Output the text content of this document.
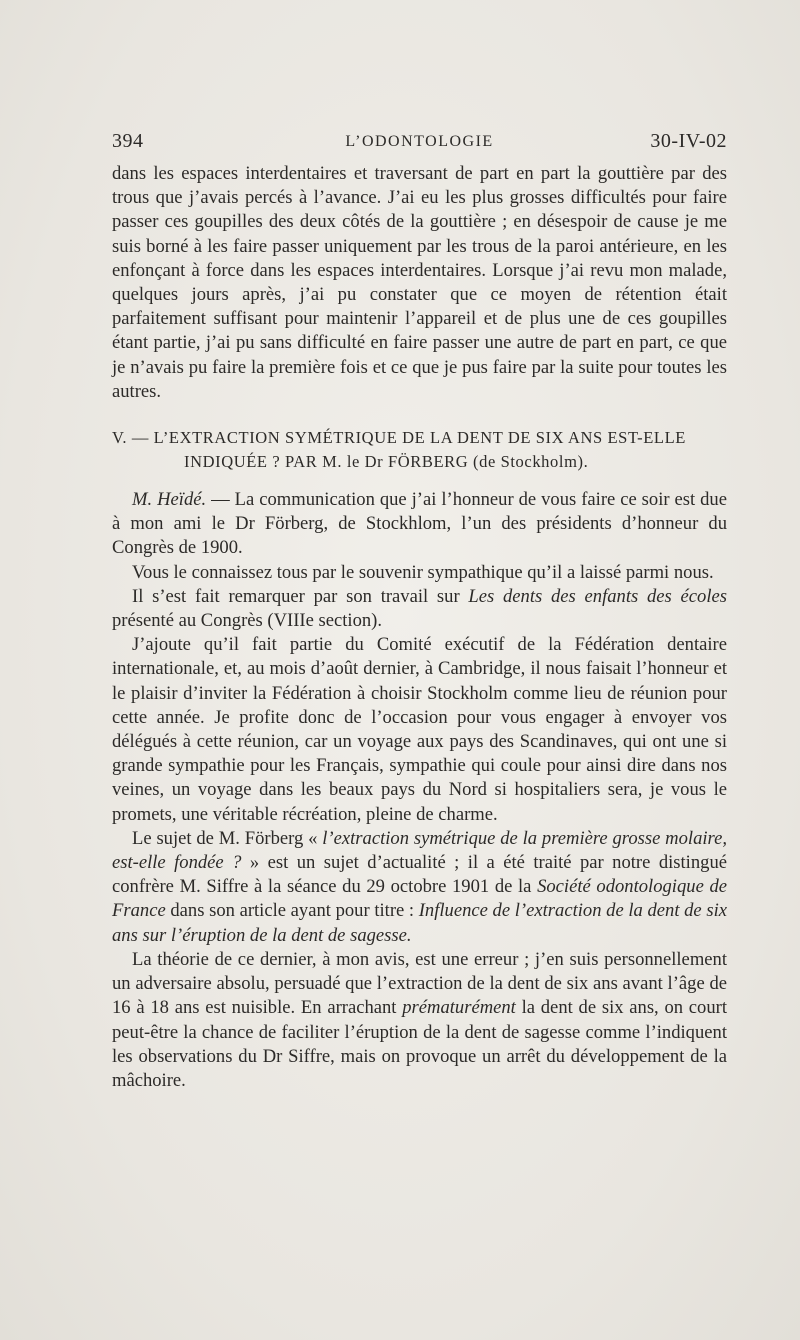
394	L’ODONTOLOGIE	30-IV-02

dans les espaces interdentaires et traversant de part en part la gouttière par des trous que j’avais percés à l’avance. J’ai eu les plus grosses difficultés pour faire passer ces goupilles des deux côtés de la gouttière ; en désespoir de cause je me suis borné à les faire passer uniquement par les trous de la paroi antérieure, en les enfonçant à force dans les espaces interdentaires. Lorsque j’ai revu mon malade, quelques jours après, j’ai pu constater que ce moyen de rétention était parfaitement suffisant pour maintenir l’appareil et de plus une de ces goupilles étant partie, j’ai pu sans difficulté en faire passer une autre de part en part, ce que je n’avais pu faire la première fois et ce que je pus faire par la suite pour toutes les autres.

V. — L’EXTRACTION SYMÉTRIQUE DE LA DENT DE SIX ANS EST-ELLE
INDIQUÉE ? PAR M. le Dr FÖRBERG (de Stockholm).

M. Heïdé. — La communication que j’ai l’honneur de vous faire ce soir est due à mon ami le Dr Förberg, de Stockhlom, l’un des présidents d’honneur du Congrès de 1900.

Vous le connaissez tous par le souvenir sympathique qu’il a laissé parmi nous.

Il s’est fait remarquer par son travail sur Les dents des enfants des écoles présenté au Congrès (VIIIe section).

J’ajoute qu’il fait partie du Comité exécutif de la Fédération dentaire internationale, et, au mois d’août dernier, à Cambridge, il nous faisait l’honneur et le plaisir d’inviter la Fédération à choisir Stockholm comme lieu de réunion pour cette année. Je profite donc de l’occasion pour vous engager à envoyer vos délégués à cette réunion, car un voyage aux pays des Scandinaves, qui ont une si grande sympathie pour les Français, sympathie qui coule pour ainsi dire dans nos veines, un voyage dans les beaux pays du Nord si hospitaliers sera, je vous le promets, une véritable récréation, pleine de charme.

Le sujet de M. Förberg « l’extraction symétrique de la première grosse molaire, est-elle fondée ? » est un sujet d’actualité ; il a été traité par notre distingué confrère M. Siffre à la séance du 29 octobre 1901 de la Société odontologique de France dans son article ayant pour titre : Influence de l’extraction de la dent de six ans sur l’éruption de la dent de sagesse.

La théorie de ce dernier, à mon avis, est une erreur ; j’en suis personnellement un adversaire absolu, persuadé que l’extraction de la dent de six ans avant l’âge de 16 à 18 ans est nuisible. En arrachant prématurément la dent de six ans, on court peut-être la chance de faciliter l’éruption de la dent de sagesse comme l’indiquent les observations du Dr Siffre, mais on provoque un arrêt du développement de la mâchoire.
